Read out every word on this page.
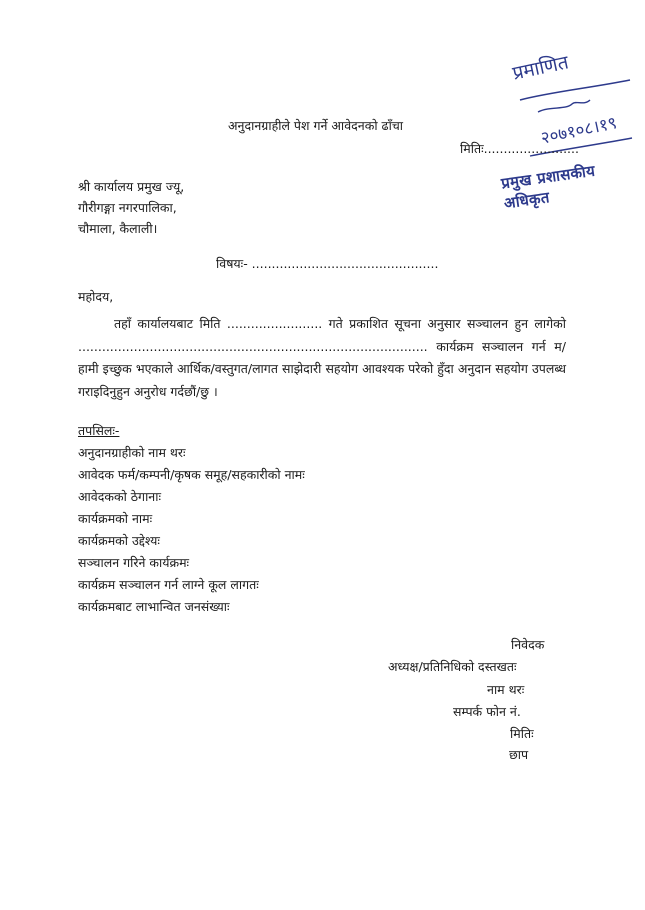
प्रमाणित
२०७१०८।१९
प्रमुख प्रशासकीय अधिकृत
अनुदानग्राहीले पेश गर्ने आवेदनको ढाँचा
मितिः........................
श्री कार्यालय प्रमुख ज्यू,
गौरीगङ्गा नगरपालिका,
चौमाला, कैलाली।
विषयः- ...............................................
महोदय,
तहाँ कार्यालयबाट मिति ........................ गते प्रकाशित सूचना अनुसार सञ्चालन हुन लागेको ........................................................................................ कार्यक्रम सञ्चालन गर्न म/हामी इच्छुक भएकाले आर्थिक/वस्तुगत/लागत साझेदारी सहयोग आवश्यक परेको हुँदा अनुदान सहयोग उपलब्ध गराइदिनुहुन अनुरोध गर्दछौं/छु ।
तपसिलः-
अनुदानग्राहीको नाम थरः
आवेदक फर्म/कम्पनी/कृषक समूह/सहकारीको नामः
आवेदकको ठेगानाः
कार्यक्रमको नामः
कार्यक्रमको उद्देश्यः
सञ्चालन गरिने कार्यक्रमः
कार्यक्रम सञ्चालन गर्न लाग्ने कूल लागतः
कार्यक्रमबाट लाभान्वित जनसंख्याः
निवेदक
अध्यक्ष/प्रतिनिधिको दस्तखतः
नाम थरः
सम्पर्क फोन नं.
मितिः
छाप
